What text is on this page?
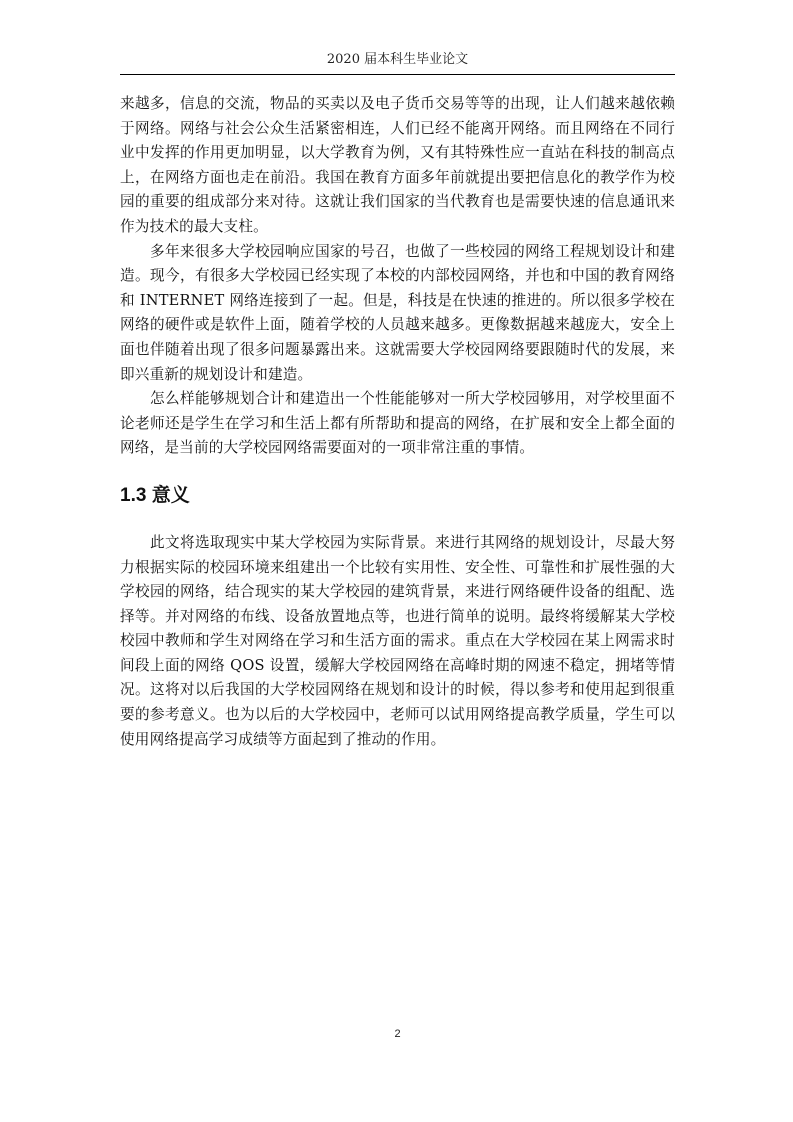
2020 届本科生毕业论文

来越多，信息的交流，物品的买卖以及电子货币交易等等的出现，让人们越来越依赖于网络。网络与社会公众生活紧密相连，人们已经不能离开网络。而且网络在不同行业中发挥的作用更加明显，以大学教育为例，又有其特殊性应一直站在科技的制高点上，在网络方面也走在前沿。我国在教育方面多年前就提出要把信息化的教学作为校园的重要的组成部分来对待。这就让我们国家的当代教育也是需要快速的信息通讯来作为技术的最大支柱。

多年来很多大学校园响应国家的号召，也做了一些校园的网络工程规划设计和建造。现今，有很多大学校园已经实现了本校的内部校园网络，并也和中国的教育网络和 INTERNET 网络连接到了一起。但是，科技是在快速的推进的。所以很多学校在网络的硬件或是软件上面，随着学校的人员越来越多。更像数据越来越庞大，安全上面也伴随着出现了很多问题暴露出来。这就需要大学校园网络要跟随时代的发展，来即兴重新的规划设计和建造。

怎么样能够规划合计和建造出一个性能能够对一所大学校园够用，对学校里面不论老师还是学生在学习和生活上都有所帮助和提高的网络，在扩展和安全上都全面的网络，是当前的大学校园网络需要面对的一项非常注重的事情。

1.3 意义

此文将选取现实中某大学校园为实际背景。来进行其网络的规划设计，尽最大努力根据实际的校园环境来组建出一个比较有实用性、安全性、可靠性和扩展性强的大学校园的网络，结合现实的某大学校园的建筑背景，来进行网络硬件设备的组配、选择等。并对网络的布线、设备放置地点等，也进行简单的说明。最终将缓解某大学校校园中教师和学生对网络在学习和生活方面的需求。重点在大学校园在某上网需求时间段上面的网络 QOS 设置，缓解大学校园网络在高峰时期的网速不稳定，拥堵等情况。这将对以后我国的大学校园网络在规划和设计的时候，得以参考和使用起到很重要的参考意义。也为以后的大学校园中，老师可以试用网络提高教学质量，学生可以使用网络提高学习成绩等方面起到了推动的作用。

2
